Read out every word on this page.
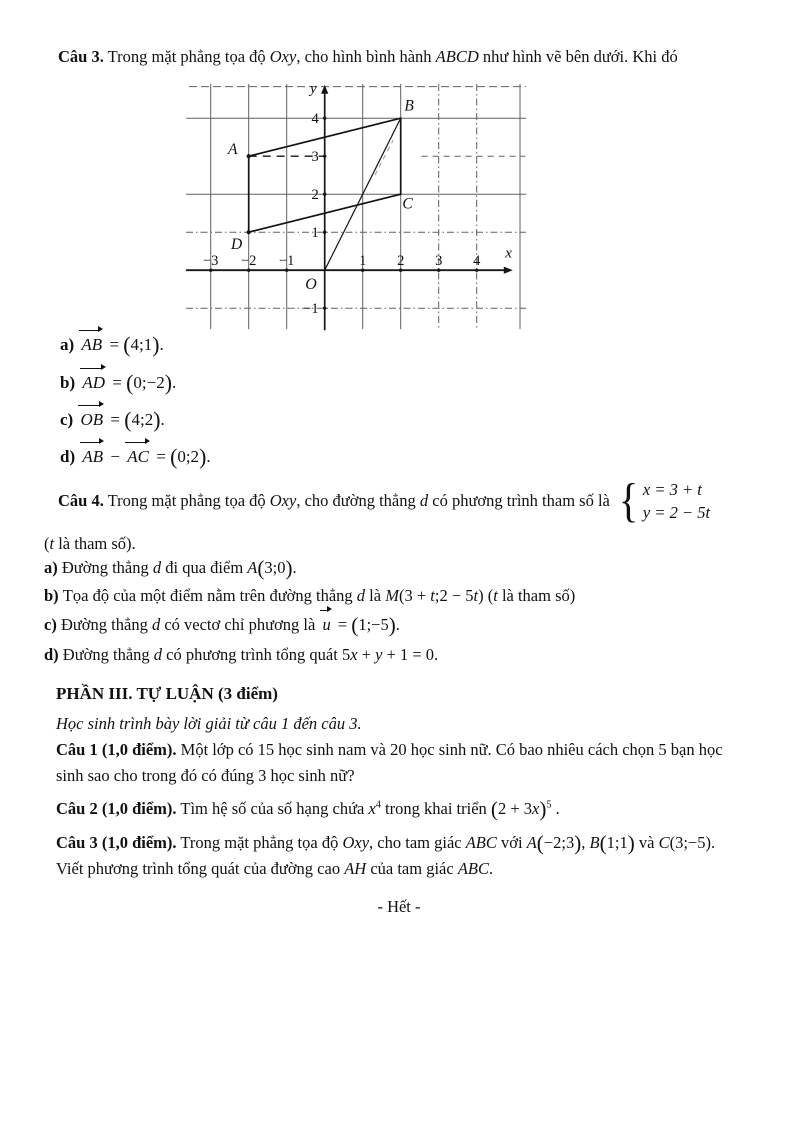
Câu 3. Trong mặt phẳng tọa độ Oxy, cho hình bình hành ABCD như hình vẽ bên dưới. Khi đó
−3 −2 −1	1 2 3 4
4
3
2
1
−1
A
B
C
D
x
y
O
a) AB = (4;1).
b) AD = (0;−2).
c) OB = (4;2).
d) AB − AC = (0;2).
Câu 4. Trong mặt phẳng tọa độ Oxy, cho đường thẳng d có phương trình tham số là { x = 3 + t
y = 2 − 5t
(t là tham số).
a) Đường thẳng d đi qua điểm A(3;0).
b) Tọa độ của một điểm nằm trên đường thẳng d là M(3 + t;2 − 5t) (t là tham số)
c) Đường thẳng d có vectơ chỉ phương là u = (1;−5).
d) Đường thẳng d có phương trình tổng quát 5x + y + 1 = 0.
PHẦN III. TỰ LUẬN (3 điểm)
Học sinh trình bày lời giải từ câu 1 đến câu 3.
Câu 1 (1,0 điểm). Một lớp có 15 học sinh nam và 20 học sinh nữ. Có bao nhiêu cách chọn 5 bạn học
sinh sao cho trong đó có đúng 3 học sinh nữ?
Câu 2 (1,0 điểm). Tìm hệ số của số hạng chứa $x^4$ trong khai triển $(2 + 3x)^5$ .
Câu 3 (1,0 điểm). Trong mặt phẳng tọa độ Oxy, cho tam giác ABC với A(−2;3), B(1;1) và C(3;−5).
Viết phương trình tổng quát của đường cao AH của tam giác ABC.
- Hết -
